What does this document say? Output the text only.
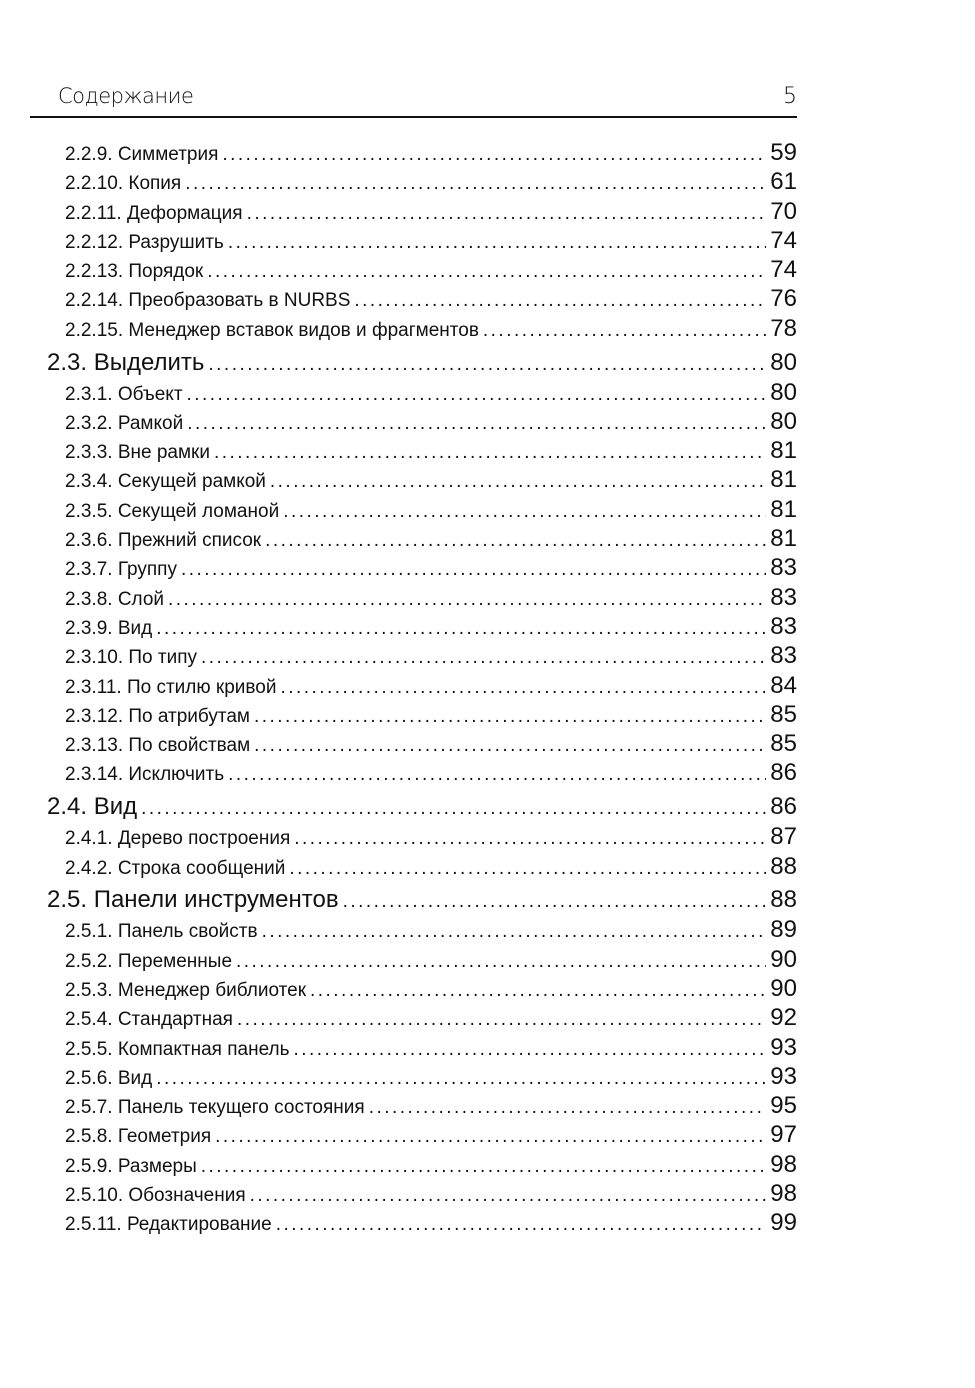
Содержание	5
2.2.9. Симметрия . . .	59
2.2.10. Копия . . .	61
2.2.11. Деформация . . .	70
2.2.12. Разрушить . . .	74
2.2.13. Порядок . . .	74
2.2.14. Преобразовать в NURBS . . .	76
2.2.15. Менеджер вставок видов и фрагментов . . .	78
2.3. Выделить . . .	80
2.3.1. Объект . . .	80
2.3.2. Рамкой . . .	80
2.3.3. Вне рамки . . .	81
2.3.4. Секущей рамкой . . .	81
2.3.5. Секущей ломаной . . .	81
2.3.6. Прежний список . . .	81
2.3.7. Группу . . .	83
2.3.8. Слой . . .	83
2.3.9. Вид . . .	83
2.3.10. По типу . . .	83
2.3.11. По стилю кривой . . .	84
2.3.12. По атрибутам . . .	85
2.3.13. По свойствам . . .	85
2.3.14. Исключить . . .	86
2.4. Вид . . .	86
2.4.1. Дерево построения . . .	87
2.4.2. Строка сообщений . . .	88
2.5. Панели инструментов . . .	88
2.5.1. Панель свойств . . .	89
2.5.2. Переменные . . .	90
2.5.3. Менеджер библиотек . . .	90
2.5.4. Стандартная . . .	92
2.5.5. Компактная панель . . .	93
2.5.6. Вид . . .	93
2.5.7. Панель текущего состояния . . .	95
2.5.8. Геометрия . . .	97
2.5.9. Размеры . . .	98
2.5.10. Обозначения . . .	98
2.5.11. Редактирование . . .	99
